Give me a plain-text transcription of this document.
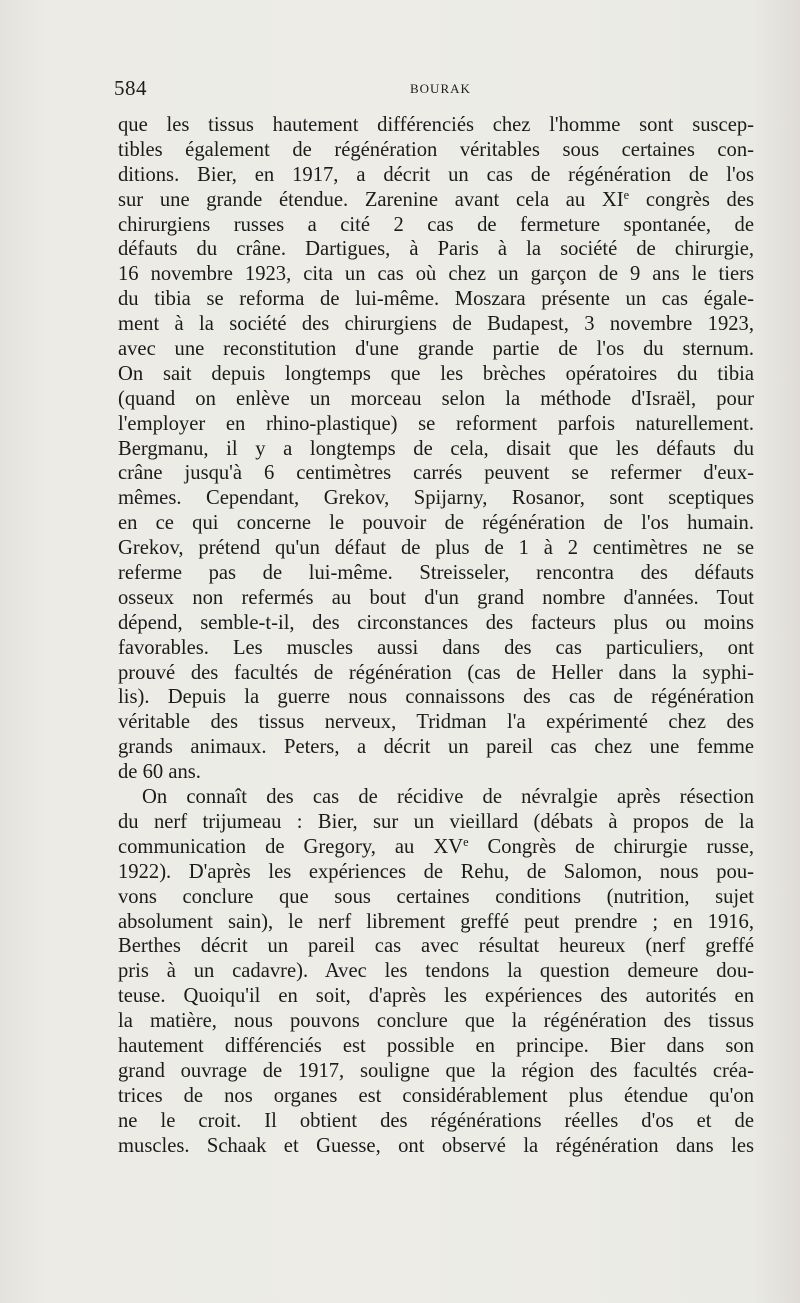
584	BOURAK
que les tissus hautement différenciés chez l'homme sont suscep-
tibles également de régénération véritables sous certaines con-
ditions. Bier, en 1917, a décrit un cas de régénération de l'os
sur une grande étendue. Zarenine avant cela au XIe congrès des
chirurgiens russes a cité 2 cas de fermeture spontanée, de
défauts du crâne. Dartigues, à Paris à la société de chirurgie,
16 novembre 1923, cita un cas où chez un garçon de 9 ans le tiers
du tibia se reforma de lui-même. Moszara présente un cas égale-
ment à la société des chirurgiens de Budapest, 3 novembre 1923,
avec une reconstitution d'une grande partie de l'os du sternum.
On sait depuis longtemps que les brèches opératoires du tibia
(quand on enlève un morceau selon la méthode d'Israël, pour
l'employer en rhino-plastique) se reforment parfois naturellement.
Bergmanu, il y a longtemps de cela, disait que les défauts du
crâne jusqu'à 6 centimètres carrés peuvent se refermer d'eux-
mêmes. Cependant, Grekov, Spijarny, Rosanor, sont sceptiques
en ce qui concerne le pouvoir de régénération de l'os humain.
Grekov, prétend qu'un défaut de plus de 1 à 2 centimètres ne se
referme pas de lui-même. Streisseler, rencontra des défauts
osseux non refermés au bout d'un grand nombre d'années. Tout
dépend, semble-t-il, des circonstances des facteurs plus ou moins
favorables. Les muscles aussi dans des cas particuliers, ont
prouvé des facultés de régénération (cas de Heller dans la syphi-
lis). Depuis la guerre nous connaissons des cas de régénération
véritable des tissus nerveux, Tridman l'a expérimenté chez des
grands animaux. Peters, a décrit un pareil cas chez une femme
de 60 ans.
On connaît des cas de récidive de névralgie après résection
du nerf trijumeau : Bier, sur un vieillard (débats à propos de la
communication de Gregory, au XVe Congrès de chirurgie russe,
1922). D'après les expériences de Rehu, de Salomon, nous pou-
vons conclure que sous certaines conditions (nutrition, sujet
absolument sain), le nerf librement greffé peut prendre ; en 1916,
Berthes décrit un pareil cas avec résultat heureux (nerf greffé
pris à un cadavre). Avec les tendons la question demeure dou-
teuse. Quoiqu'il en soit, d'après les expériences des autorités en
la matière, nous pouvons conclure que la régénération des tissus
hautement différenciés est possible en principe. Bier dans son
grand ouvrage de 1917, souligne que la région des facultés créa-
trices de nos organes est considérablement plus étendue qu'on
ne le croit. Il obtient des régénérations réelles d'os et de
muscles. Schaak et Guesse, ont observé la régénération dans les
